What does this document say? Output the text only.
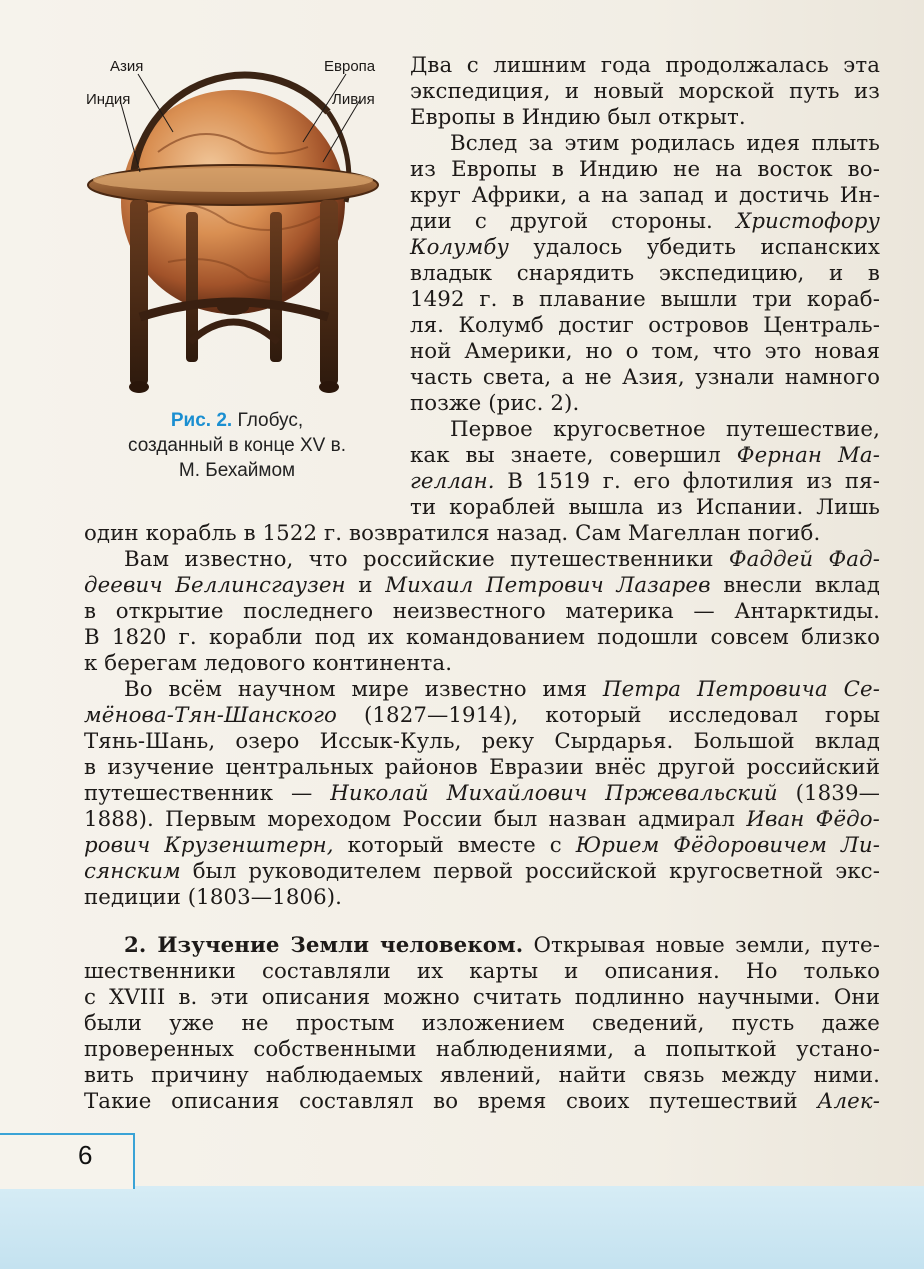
Азия
Индия
Европа
Ливия
Рис. 2. Глобус,
созданный в конце XV в.
М. Бехаймом
Два с лишним года продолжалась эта
экспедиция, и новый морской путь из
Европы в Индию был открыт.
Вслед за этим родилась идея плыть
из Европы в Индию не на восток во-
круг Африки, а на запад и достичь Ин-
дии с другой стороны. Христофору
Колумбу удалось убедить испанских
владык снарядить экспедицию, и в
1492 г. в плавание вышли три кораб-
ля. Колумб достиг островов Централь-
ной Америки, но о том, что это новая
часть света, а не Азия, узнали намного
позже (рис. 2).
Первое кругосветное путешествие,
как вы знаете, совершил Фернан Ма-
геллан. В 1519 г. его флотилия из пя-
ти кораблей вышла из Испании. Лишь
один корабль в 1522 г. возвратился назад. Сам Магеллан погиб.
Вам известно, что российские путешественники Фаддей Фад-
деевич Беллинсгаузен и Михаил Петрович Лазарев внесли вклад
в открытие последнего неизвестного материка — Антарктиды.
В 1820 г. корабли под их командованием подошли совсем близко
к берегам ледового континента.
Во всём научном мире известно имя Петра Петровича Се-
мёнова-Тян-Шанского (1827—1914), который исследовал горы
Тянь-Шань, озеро Иссык-Куль, реку Сырдарья. Большой вклад
в изучение центральных районов Евразии внёс другой российский
путешественник — Николай Михайлович Пржевальский (1839—
1888). Первым мореходом России был назван адмирал Иван Фёдо-
рович Крузенштерн, который вместе с Юрием Фёдоровичем Ли-
сянским был руководителем первой российской кругосветной экс-
педиции (1803—1806).
2. Изучение Земли человеком. Открывая новые земли, путе-
шественники составляли их карты и описания. Но только
с XVIII в. эти описания можно считать подлинно научными. Они
были уже не простым изложением сведений, пусть даже
проверенных собственными наблюдениями, а попыткой устано-
вить причину наблюдаемых явлений, найти связь между ними.
Такие описания составлял во время своих путешествий Алек-
6
